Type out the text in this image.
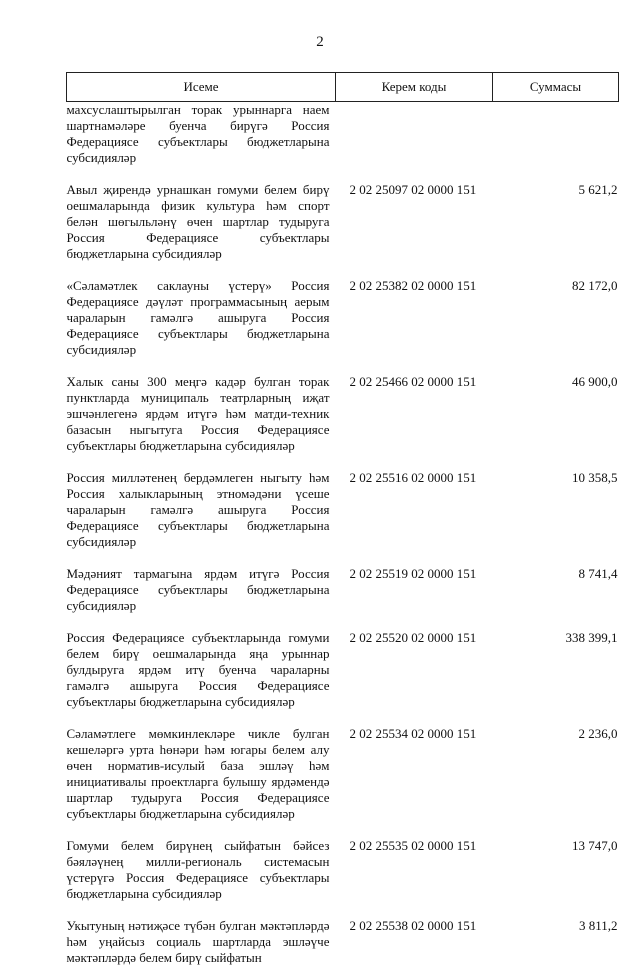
2
Исеме	Керем коды	Суммасы
махсуслаштырылган торак урыннарга наем шартнамәләре буенча бирүгә Россия Федерациясе субъектлары бюджетларына субсидияләр		
Авыл җирендә урнашкан гомуми белем бирү оешмаларында физик культура һәм спорт белән шөгыльләнү өчен шартлар тудыруга Россия Федерациясе субъектлары бюджетларына субсидияләр	2 02 25097 02 0000 151	5 621,2
«Сәламәтлек саклауны үстерү» Россия Федерациясе дәүләт программасының аерым чараларын гамәлгә ашыруга Россия Федерациясе субъектлары бюджетларына субсидияләр	2 02 25382 02 0000 151	82 172,0
Халык саны 300 меңгә кадәр булган торак пунктларда муниципаль театрларның иҗат эшчәнлегенә ярдәм итүгә һәм матди-техник базасын ныгытуга Россия Федерациясе субъектлары бюджетларына субсидияләр	2 02 25466 02 0000 151	46 900,0
Россия милләтенең бердәмлеген ныгыту һәм Россия халыкларының этномәдәни үсеше чараларын гамәлгә ашыруга Россия Федерациясе субъектлары бюджетларына субсидияләр	2 02 25516 02 0000 151	10 358,5
Мәдәният тармагына ярдәм итүгә Россия Федерациясе субъектлары бюджетларына субсидияләр	2 02 25519 02 0000 151	8 741,4
Россия Федерациясе субъектларында гомуми белем бирү оешмаларында яңа урыннар булдыруга ярдәм итү буенча чараларны гамәлгә ашыруга Россия Федерациясе субъектлары бюджетларына субсидияләр	2 02 25520 02 0000 151	338 399,1
Сәламәтлеге мөмкинлекләре чикле булган кешеләргә урта һөнәри һәм югары белем алу өчен норматив-исулый база эшләү һәм инициативалы проектларга булышу ярдәмендә шартлар тудыруга Россия Федерациясе субъектлары бюджетларына субсидияләр	2 02 25534 02 0000 151	2 236,0
Гомуми белем бирүнең сыйфатын бәйсез бәяләүнең милли-региональ системасын үстерүгә Россия Федерациясе субъектлары бюджетларына субсидияләр	2 02 25535 02 0000 151	13 747,0
Укытуның нәтиҗәсе түбән булган мәктәпләрдә һәм уңайсыз социаль шартларда эшләүче мәктәпләрдә белем бирү сыйфатын	2 02 25538 02 0000 151	3 811,2
